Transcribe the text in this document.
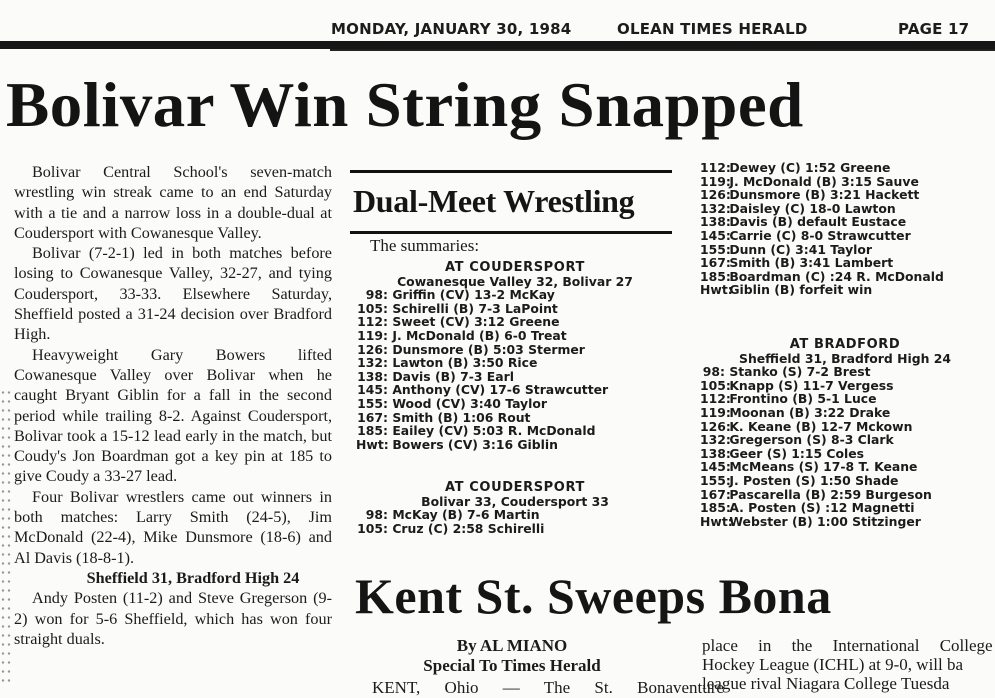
MONDAY, JANUARY 30, 1984	OLEAN TIMES HERALD	PAGE 17
Bolivar Win String Snapped

Bolivar Central School's seven-match wrestling win streak came to an end Saturday with a tie and a narrow loss in a double-dual at Coudersport with Cowanesque Valley.

Bolivar (7-2-1) led in both matches before losing to Cowanesque Valley, 32-27, and tying Coudersport, 33-33. Elsewhere Saturday, Sheffield posted a 31-24 decision over Bradford High.

Heavyweight Gary Bowers lifted Cowanesque Valley over Bolivar when he caught Bryant Giblin for a fall in the second period while trailing 8-2. Against Coudersport, Bolivar took a 15-12 lead early in the match, but Coudy's Jon Boardman got a key pin at 185 to give Coudy a 33-27 lead.

Four Bolivar wrestlers came out winners in both matches: Larry Smith (24-5), Jim McDonald (22-4), Mike Dunsmore (18-6) and Al Davis (18-8-1).

Sheffield 31, Bradford High 24

Andy Posten (11-2) and Steve Gregerson (9-2) won for 5-6 Sheffield, which has won four straight duals.

Dual-Meet Wrestling
The summaries:
AT COUDERSPORT
Cowanesque Valley 32, Bolivar 27
98: Griffin (CV) 13-2 McKay
105: Schirelli (B) 7-3 LaPoint
112: Sweet (CV) 3:12 Greene
119: J. McDonald (B) 6-0 Treat
126: Dunsmore (B) 5:03 Stermer
132: Lawton (B) 3:50 Rice
138: Davis (B) 7-3 Earl
145: Anthony (CV) 17-6 Strawcutter
155: Wood (CV) 3:40 Taylor
167: Smith (B) 1:06 Rout
185: Eailey (CV) 5:03 R. McDonald
Hwt: Bowers (CV) 3:16 Giblin
AT COUDERSPORT
Bolivar 33, Coudersport 33
98: McKay (B) 7-6 Martin
105: Cruz (C) 2:58 Schirelli
112: Dewey (C) 1:52 Greene
119: J. McDonald (B) 3:15 Sauve
126: Dunsmore (B) 3:21 Hackett
132: Daisley (C) 18-0 Lawton
138: Davis (B) default Eustace
145: Carrie (C) 8-0 Strawcutter
155: Dunn (C) 3:41 Taylor
167: Smith (B) 3:41 Lambert
185: Boardman (C) :24 R. McDonald
Hwt: Giblin (B) forfeit win
AT BRADFORD
Sheffield 31, Bradford High 24
98: Stanko (S) 7-2 Brest
105: Knapp (S) 11-7 Vergess
112: Frontino (B) 5-1 Luce
119: Moonan (B) 3:22 Drake
126: K. Keane (B) 12-7 Mckown
132: Gregerson (S) 8-3 Clark
138: Geer (S) 1:15 Coles
145: McMeans (S) 17-8 T. Keane
155: J. Posten (S) 1:50 Shade
167: Pascarella (B) 2:59 Burgeson
185: A. Posten (S) :12 Magnetti
Hwt: Webster (B) 1:00 Stitzinger
Kent St. Sweeps Bona
By AL MIANO
Special To Times Herald
KENT, Ohio — The St. Bonaventure
place in the International College
Hockey League (ICHL) at 9-0, will ba
league rival Niagara College Tuesda
